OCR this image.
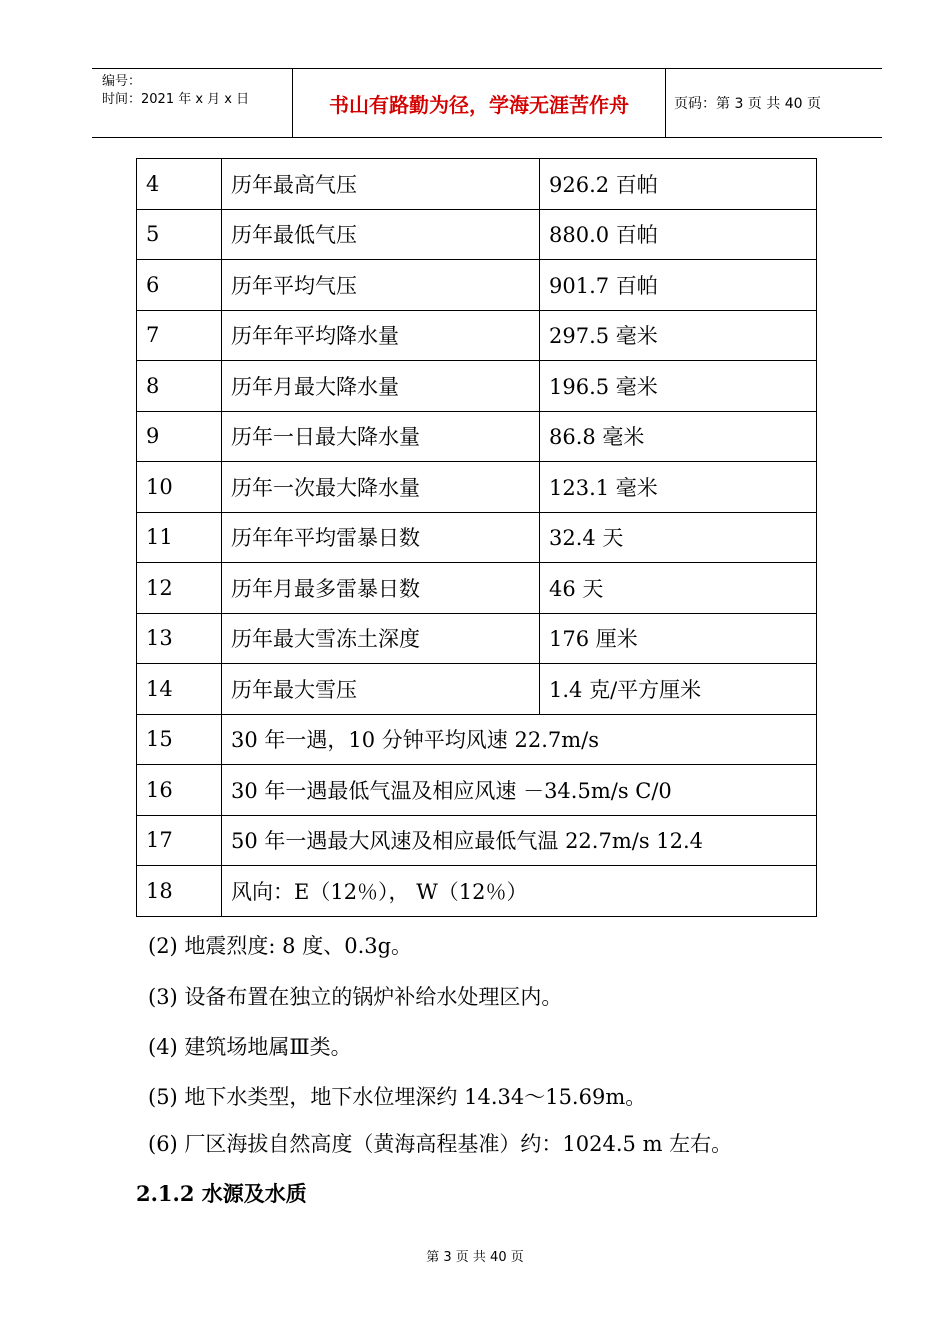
编号：
时间：2021 年 x 月 x 日	书山有路勤为径，学海无涯苦作舟	页码：第 3 页 共 40 页
4	历年最高气压	926.2 百帕
5	历年最低气压	880.0 百帕
6	历年平均气压	901.7 百帕
7	历年年平均降水量	297.5 毫米
8	历年月最大降水量	196.5 毫米
9	历年一日最大降水量	86.8 毫米
10	历年一次最大降水量	123.1 毫米
11	历年年平均雷暴日数	32.4 天
12	历年月最多雷暴日数	46 天
13	历年最大雪冻土深度	176 厘米
14	历年最大雪压	1.4 克/平方厘米
15	30 年一遇，10 分钟平均风速 22.7m/s	
16	30 年一遇最低气温及相应风速 －34.5m/s C/0	
17	50 年一遇最大风速及相应最低气温 22.7m/s 12.4	
18	风向：E（12％）， W（12％）	
(2) 地震烈度: 8 度、0.3g。
(3) 设备布置在独立的锅炉补给水处理区内。
(4) 建筑场地属Ⅲ类。
(5) 地下水类型，地下水位埋深约 14.34～15.69m。
(6) 厂区海拔自然高度（黄海高程基准）约：1024.5 m 左右。
2.1.2 水源及水质
第 3 页 共 40 页
